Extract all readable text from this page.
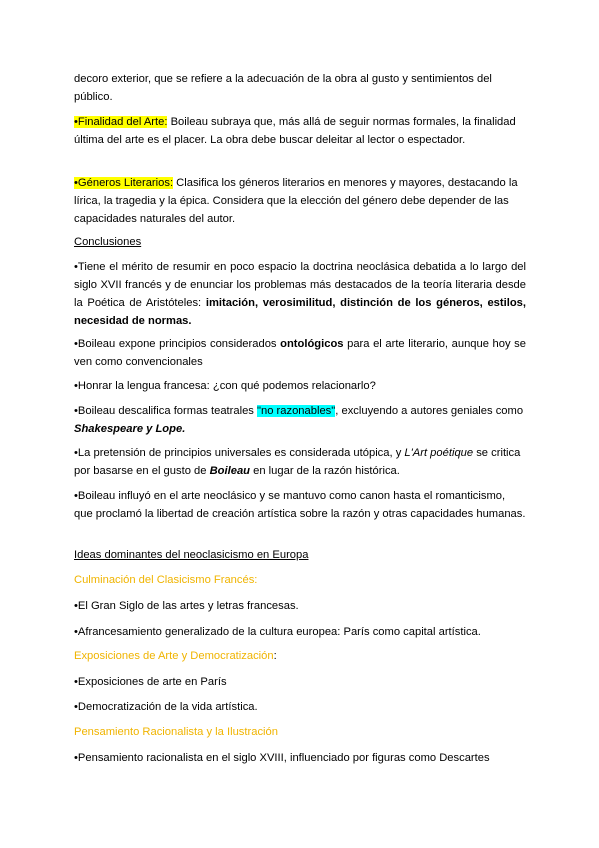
decoro exterior, que se refiere a la adecuación de la obra al gusto y sentimientos del público.

•Finalidad del Arte: Boileau subraya que, más allá de seguir normas formales, la finalidad última del arte es el placer. La obra debe buscar deleitar al lector o espectador.

•Géneros Literarios: Clasifica los géneros literarios en menores y mayores, destacando la lírica, la tragedia y la épica. Considera que la elección del género debe depender de las capacidades naturales del autor.

Conclusiones

•Tiene el mérito de resumir en poco espacio la doctrina neoclásica debatida a lo largo del siglo XVII francés y de enunciar los problemas más destacados de la teoría literaria desde la Poética de Aristóteles: imitación, verosimilitud, distinción de los géneros, estilos, necesidad de normas.

•Boileau expone principios considerados ontológicos para el arte literario, aunque hoy se ven como convencionales

•Honrar la lengua francesa: ¿con qué podemos relacionarlo?

•Boileau descalifica formas teatrales "no razonables", excluyendo a autores geniales como Shakespeare y Lope.

•La pretensión de principios universales es considerada utópica, y L'Art poétique se critica por basarse en el gusto de Boileau en lugar de la razón histórica.

•Boileau influyó en el arte neoclásico y se mantuvo como canon hasta el romanticismo, que proclamó la libertad de creación artística sobre la razón y otras capacidades humanas.

Ideas dominantes del neoclasicismo en Europa

Culminación del Clasicismo Francés:

•El Gran Siglo de las artes y letras francesas.

•Afrancesamiento generalizado de la cultura europea: París como capital artística.

Exposiciones de Arte y Democratización:

•Exposiciones de arte en París

•Democratización de la vida artística.

Pensamiento Racionalista y la Ilustración

•Pensamiento racionalista en el siglo XVIII, influenciado por figuras como Descartes
